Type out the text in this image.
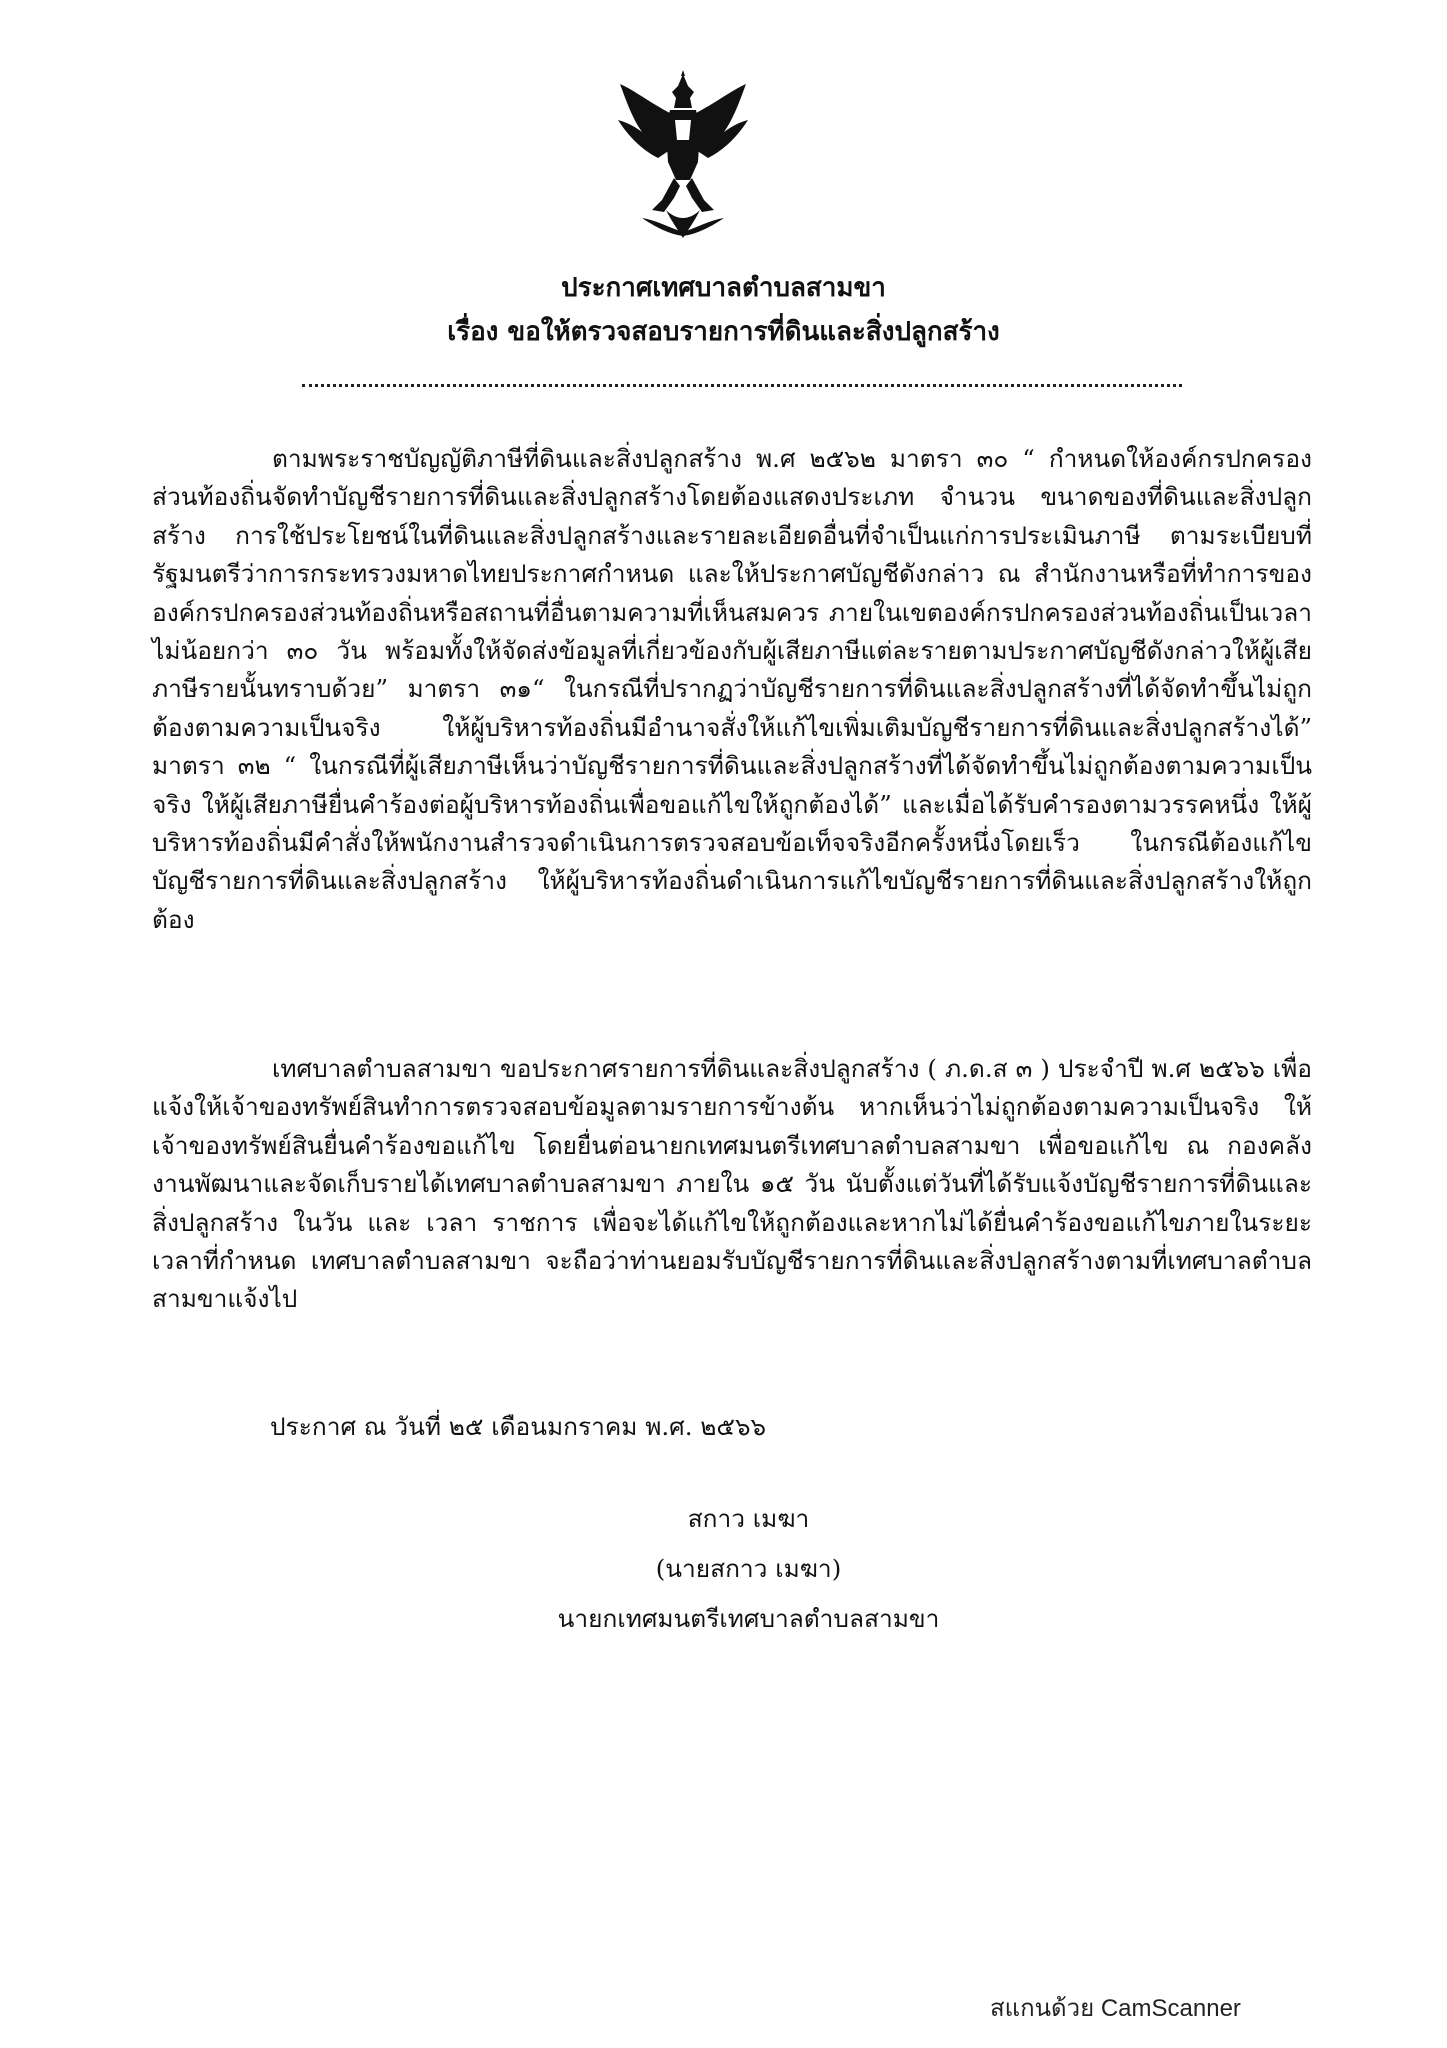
ประกาศเทศบาลตำบลสามขา
เรื่อง ขอให้ตรวจสอบรายการที่ดินและสิ่งปลูกสร้าง

ตามพระราชบัญญัติภาษีที่ดินและสิ่งปลูกสร้าง พ.ศ ๒๕๖๒ มาตรา ๓๐ “ กำหนดให้องค์กรปกครองส่วนท้องถิ่นจัดทำบัญชีรายการที่ดินและสิ่งปลูกสร้างโดยต้องแสดงประเภท จำนวน ขนาดของที่ดินและสิ่งปลูกสร้าง การใช้ประโยชน์ในที่ดินและสิ่งปลูกสร้างและรายละเอียดอื่นที่จำเป็นแก่การประเมินภาษี ตามระเบียบที่รัฐมนตรีว่าการกระทรวงมหาดไทยประกาศกำหนด และให้ประกาศบัญชีดังกล่าว ณ สำนักงานหรือที่ทำการขององค์กรปกครองส่วนท้องถิ่นหรือสถานที่อื่นตามความที่เห็นสมควร ภายในเขตองค์กรปกครองส่วนท้องถิ่นเป็นเวลาไม่น้อยกว่า ๓๐ วัน พร้อมทั้งให้จัดส่งข้อมูลที่เกี่ยวข้องกับผู้เสียภาษีแต่ละรายตามประกาศบัญชีดังกล่าวให้ผู้เสียภาษีรายนั้นทราบด้วย” มาตรา ๓๑“ ในกรณีที่ปรากฏว่าบัญชีรายการที่ดินและสิ่งปลูกสร้างที่ได้จัดทำขึ้นไม่ถูกต้องตามความเป็นจริง ให้ผู้บริหารท้องถิ่นมีอำนาจสั่งให้แก้ไขเพิ่มเติมบัญชีรายการที่ดินและสิ่งปลูกสร้างได้” มาตรา ๓๒ “ ในกรณีที่ผู้เสียภาษีเห็นว่าบัญชีรายการที่ดินและสิ่งปลูกสร้างที่ได้จัดทำขึ้นไม่ถูกต้องตามความเป็นจริง ให้ผู้เสียภาษียื่นคำร้องต่อผู้บริหารท้องถิ่นเพื่อขอแก้ไขให้ถูกต้องได้” และเมื่อได้รับคำรองตามวรรคหนึ่ง ให้ผู้บริหารท้องถิ่นมีคำสั่งให้พนักงานสำรวจดำเนินการตรวจสอบข้อเท็จจริงอีกครั้งหนึ่งโดยเร็ว ในกรณีต้องแก้ไขบัญชีรายการที่ดินและสิ่งปลูกสร้าง ให้ผู้บริหารท้องถิ่นดำเนินการแก้ไขบัญชีรายการที่ดินและสิ่งปลูกสร้างให้ถูกต้อง

เทศบาลตำบลสามขา ขอประกาศรายการที่ดินและสิ่งปลูกสร้าง ( ภ.ด.ส ๓ ) ประจำปี พ.ศ ๒๕๖๖ เพื่อแจ้งให้เจ้าของทรัพย์สินทำการตรวจสอบข้อมูลตามรายการข้างต้น หากเห็นว่าไม่ถูกต้องตามความเป็นจริง ให้เจ้าของทรัพย์สินยื่นคำร้องขอแก้ไข โดยยื่นต่อนายกเทศมนตรีเทศบาลตำบลสามขา เพื่อขอแก้ไข ณ กองคลังงานพัฒนาและจัดเก็บรายได้เทศบาลตำบลสามขา ภายใน ๑๕ วัน นับตั้งแต่วันที่ได้รับแจ้งบัญชีรายการที่ดินและสิ่งปลูกสร้าง ในวัน และ เวลา ราชการ เพื่อจะได้แก้ไขให้ถูกต้องและหากไม่ได้ยื่นคำร้องขอแก้ไขภายในระยะเวลาที่กำหนด เทศบาลตำบลสามขา จะถือว่าท่านยอมรับบัญชีรายการที่ดินและสิ่งปลูกสร้างตามที่เทศบาลตำบลสามขาแจ้งไป

ประกาศ ณ วันที่ ๒๕ เดือนมกราคม พ.ศ. ๒๕๖๖
สกาว เมฆา
(นายสกาว เมฆา)
นายกเทศมนตรีเทศบาลตำบลสามขา
สแกนด้วย CamScanner
